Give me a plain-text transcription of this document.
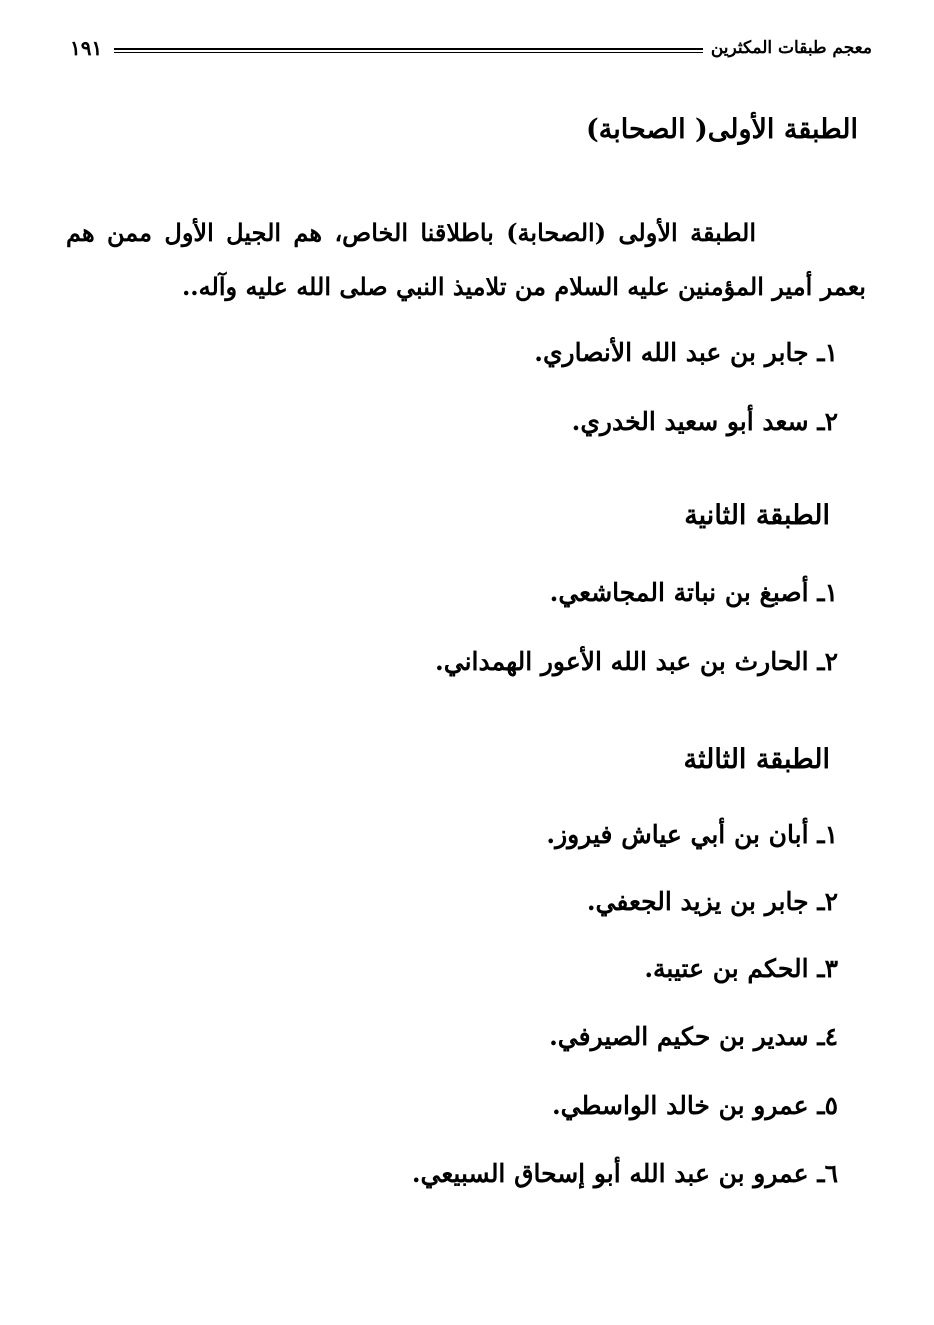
معجم طبقات المكثرين
١٩١
الطبقة الأولى( الصحابة)
الطبقة الأولى (الصحابة) باطلاقنا الخاص، هم الجيل الأول ممن هم بعمر أمير المؤمنين عليه السلام من تلاميذ النبي صلى الله عليه وآله..
١ـ جابر بن عبد الله الأنصاري.
٢ـ سعد أبو سعيد الخدري.
الطبقة الثانية
١ـ أصبغ بن نباتة المجاشعي.
٢ـ الحارث بن عبد الله الأعور الهمداني.
الطبقة الثالثة
١ـ أبان بن أبي عياش فيروز.
٢ـ جابر بن يزيد الجعفي.
٣ـ الحكم بن عتيبة.
٤ـ سدير بن حكيم الصيرفي.
٥ـ عمرو بن خالد الواسطي.
٦ـ عمرو بن عبد الله أبو إسحاق السبيعي.
